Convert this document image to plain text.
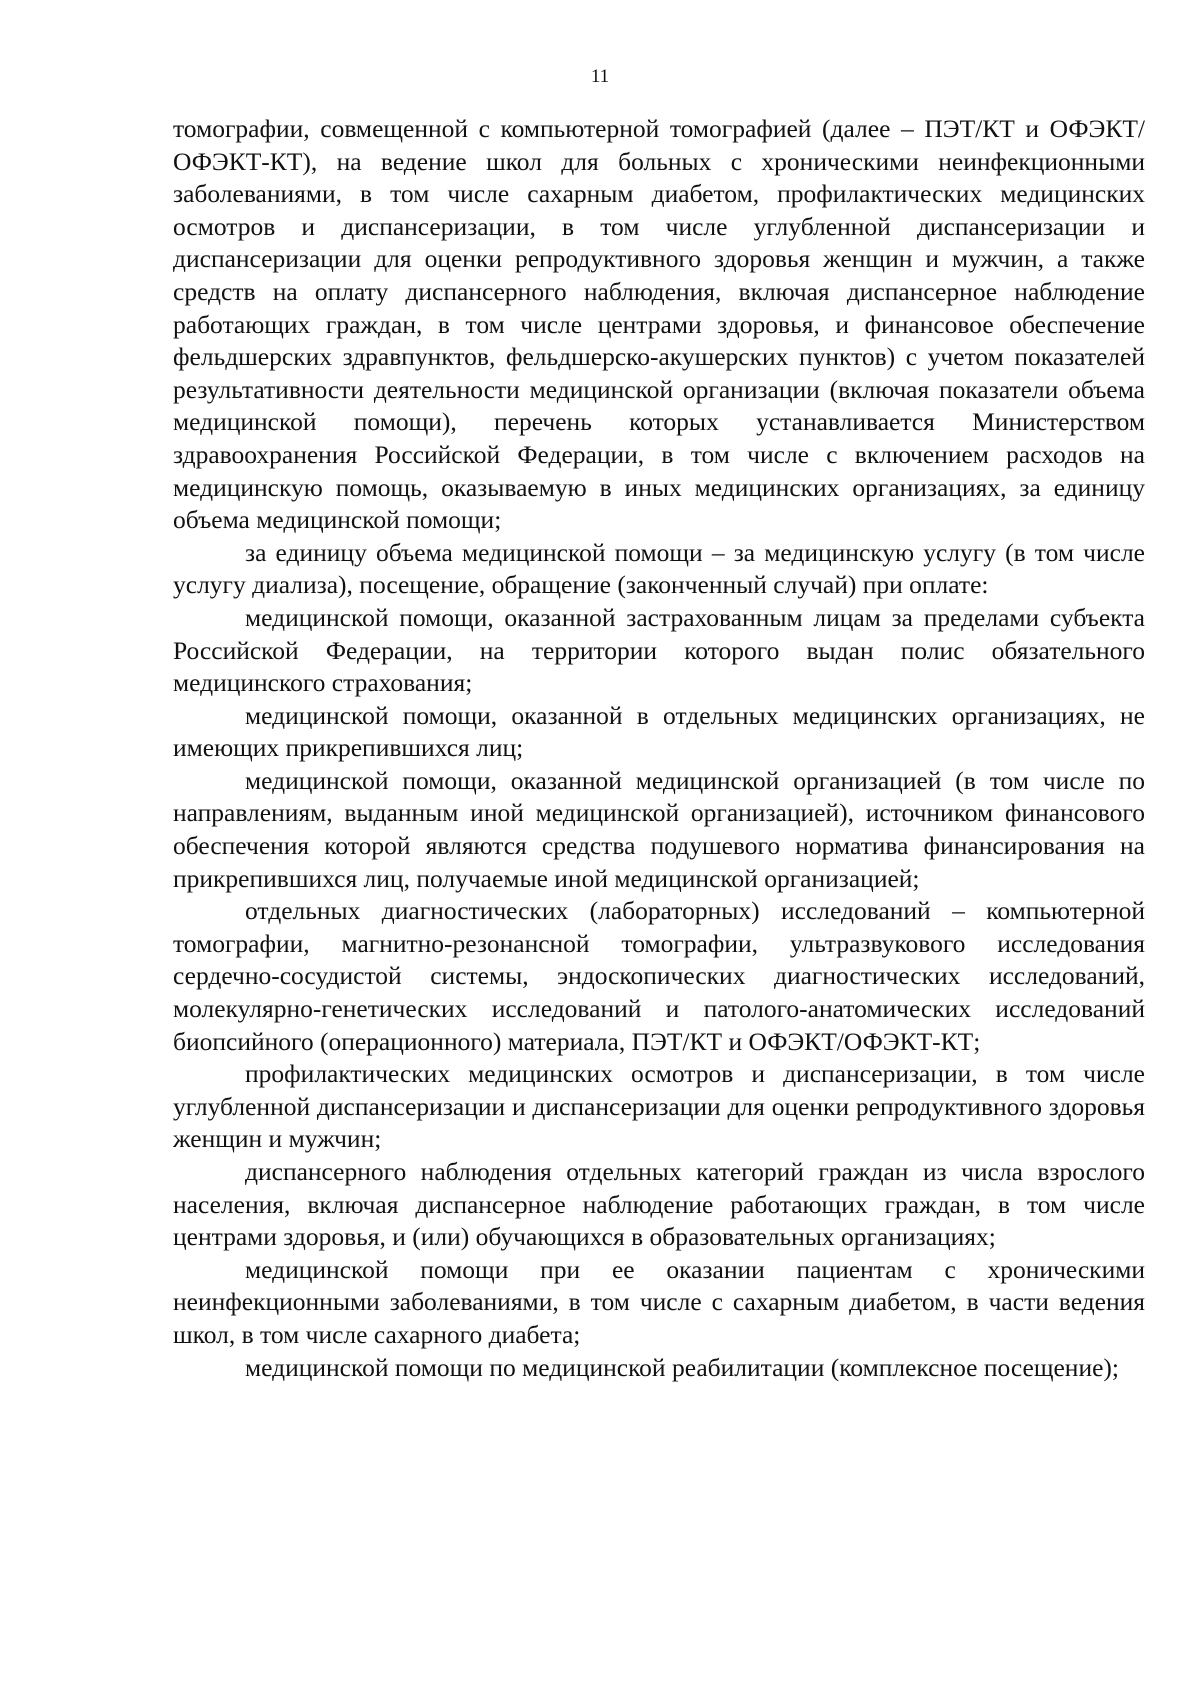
11

томографии, совмещенной с компьютерной томографией (далее – ПЭТ/КТ и ОФЭКТ/ОФЭКТ-КТ), на ведение школ для больных с хроническими неинфекционными заболеваниями, в том числе сахарным диабетом, профилактических медицинских осмотров и диспансеризации, в том числе углубленной диспансеризации и диспансеризации для оценки репродуктивного здоровья женщин и мужчин, а также средств на оплату диспансерного наблюдения, включая диспансерное наблюдение работающих граждан, в том числе центрами здоровья, и финансовое обеспечение фельдшерских здравпунктов, фельдшерско-акушерских пунктов) с учетом показателей результативности деятельности медицинской организации (включая показатели объема медицинской помощи), перечень которых устанавливается Министерством здравоохранения Российской Федерации, в том числе с включением расходов на медицинскую помощь, оказываемую в иных медицинских организациях, за единицу объема медицинской помощи;

за единицу объема медицинской помощи – за медицинскую услугу (в том числе услугу диализа), посещение, обращение (законченный случай) при оплате:

медицинской помощи, оказанной застрахованным лицам за пределами субъекта Российской Федерации, на территории которого выдан полис обязательного медицинского страхования;

медицинской помощи, оказанной в отдельных медицинских организациях, не имеющих прикрепившихся лиц;

медицинской помощи, оказанной медицинской организацией (в том числе по направлениям, выданным иной медицинской организацией), источником финансового обеспечения которой являются средства подушевого норматива финансирования на прикрепившихся лиц, получаемые иной медицинской организацией;

отдельных диагностических (лабораторных) исследований – компьютерной томографии, магнитно-резонансной томографии, ультразвукового исследования сердечно-сосудистой системы, эндоскопических диагностических исследований, молекулярно-генетических исследований и патолого-анатомических исследований биопсийного (операционного) материала, ПЭТ/КТ и ОФЭКТ/ОФЭКТ-КТ;

профилактических медицинских осмотров и диспансеризации, в том числе углубленной диспансеризации и диспансеризации для оценки репродуктивного здоровья женщин и мужчин;

диспансерного наблюдения отдельных категорий граждан из числа взрослого населения, включая диспансерное наблюдение работающих граждан, в том числе центрами здоровья, и (или) обучающихся в образовательных организациях;

медицинской помощи при ее оказании пациентам с хроническими неинфекционными заболеваниями, в том числе с сахарным диабетом, в части ведения школ, в том числе сахарного диабета;

медицинской помощи по медицинской реабилитации (комплексное посещение);
